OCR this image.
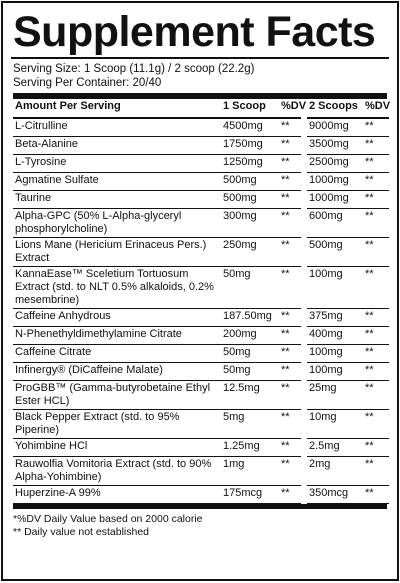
Supplement Facts
Serving Size: 1 Scoop (11.1g) / 2 scoop (22.2g)
Serving Per Container: 20/40
Amount Per Serving	1 Scoop	%DV		2 Scoops	%DV
L-Citrulline	4500mg	**		9000mg	**
Beta-Alanine	1750mg	**		3500mg	**
L-Tyrosine	1250mg	**		2500mg	**
Agmatine Sulfate	500mg	**		1000mg	**
Taurine	500mg	**		1000mg	**
Alpha-GPC (50% L-Alpha-glyceryl phosphorylcholine)	300mg	**		600mg	**
Lions Mane (Hericium Erinaceus Pers.) Extract	250mg	**		500mg	**
KannaEase™ Sceletium Tortuosum Extract (std. to NLT 0.5% alkaloids, 0.2% mesembrine)	50mg	**		100mg	**
Caffeine Anhydrous	187.50mg	**		375mg	**
N-Phenethyldimethylamine Citrate	200mg	**		400mg	**
Caffeine Citrate	50mg	**		100mg	**
Infinergy® (DiCaffeine Malate)	50mg	**		100mg	**
ProGBB™ (Gamma-butyrobetaine Ethyl Ester HCL)	12.5mg	**		25mg	**
Black Pepper Extract (std. to 95% Piperine)	5mg	**		10mg	**
Yohimbine HCl	1.25mg	**		2.5mg	**
Rauwolfia Vomitoria Extract (std. to 90% Alpha-Yohimbine)	1mg	**		2mg	**
Huperzine-A 99%	175mcg	**		350mcg	**
*%DV Daily Value based on 2000 calorie
** Daily value not established
